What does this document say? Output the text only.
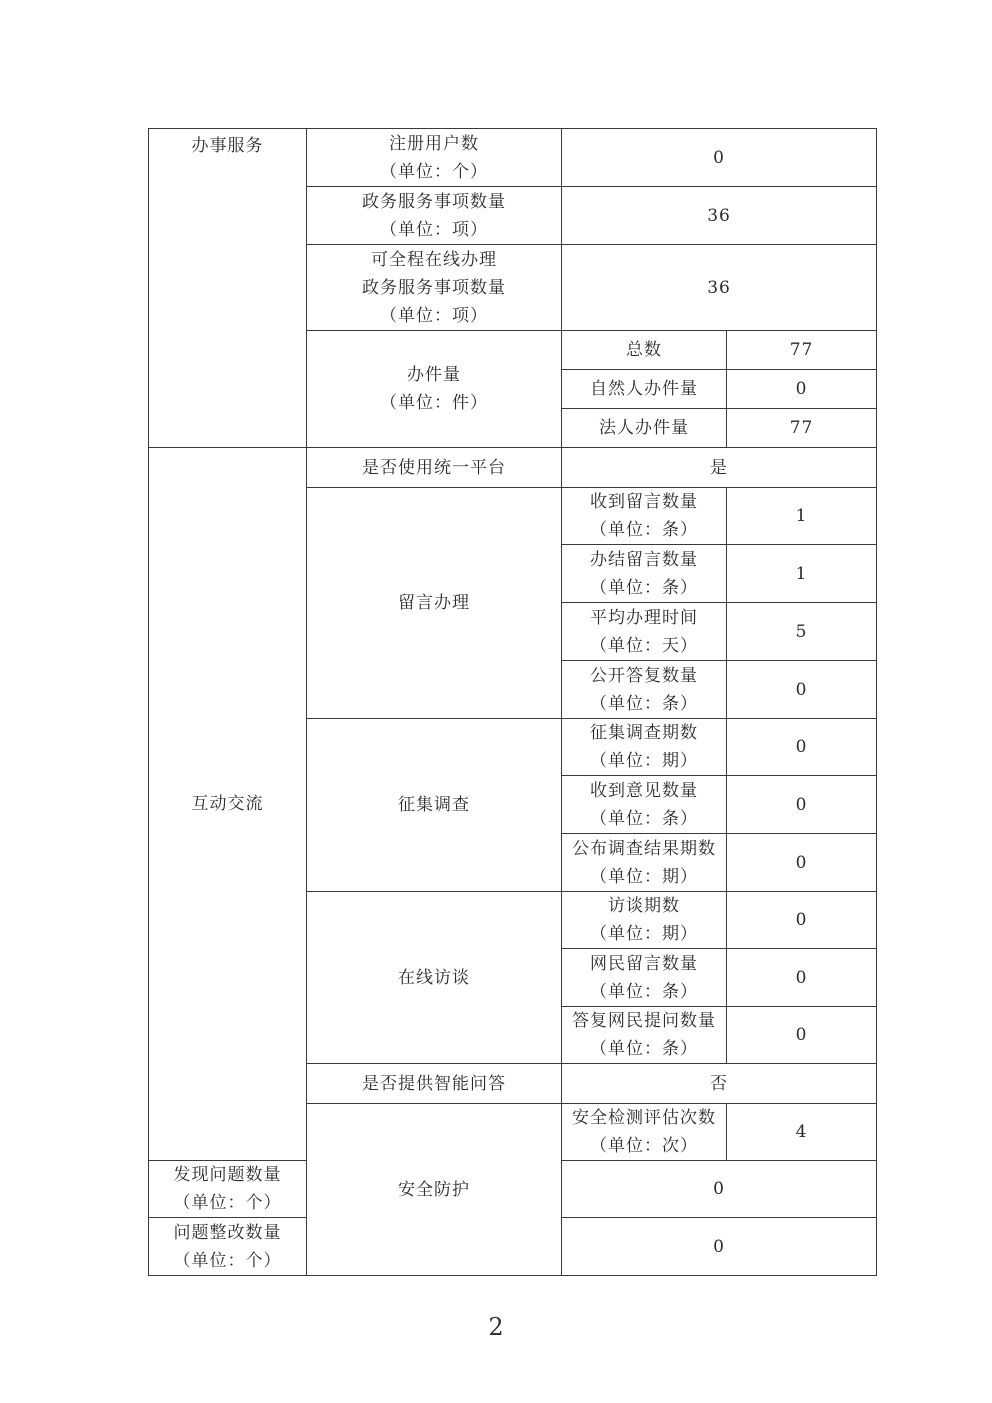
办事服务	注册用户数
（单位：个）	0	

	政务服务事项数量
（单位：项）	36	

	可全程在线办理
政务服务事项数量
（单位：项）	36	

	办件量
（单位：件）	总数	77
		自然人办件量	0
		法人办件量	77
互动交流	是否使用统一平台	是	
	留言办理	收到留言数量
（单位：条）	1

		办结留言数量
（单位：条）	1

		平均办理时间
（单位：天）	5

		公开答复数量
（单位：条）	0
	征集调查	征集调查期数
（单位：期）	0

		收到意见数量
（单位：条）	0

		公布调查结果期数
（单位：期）	0
	在线访谈	访谈期数
（单位：期）	0

		网民留言数量
（单位：条）	0

		答复网民提问数量
（单位：条）	0
	是否提供智能问答	否	
	安全防护	安全检测评估次数
（单位：次）	4

发现问题数量
（单位：个）		0	

问题整改数量
（单位：个）		0	
2
